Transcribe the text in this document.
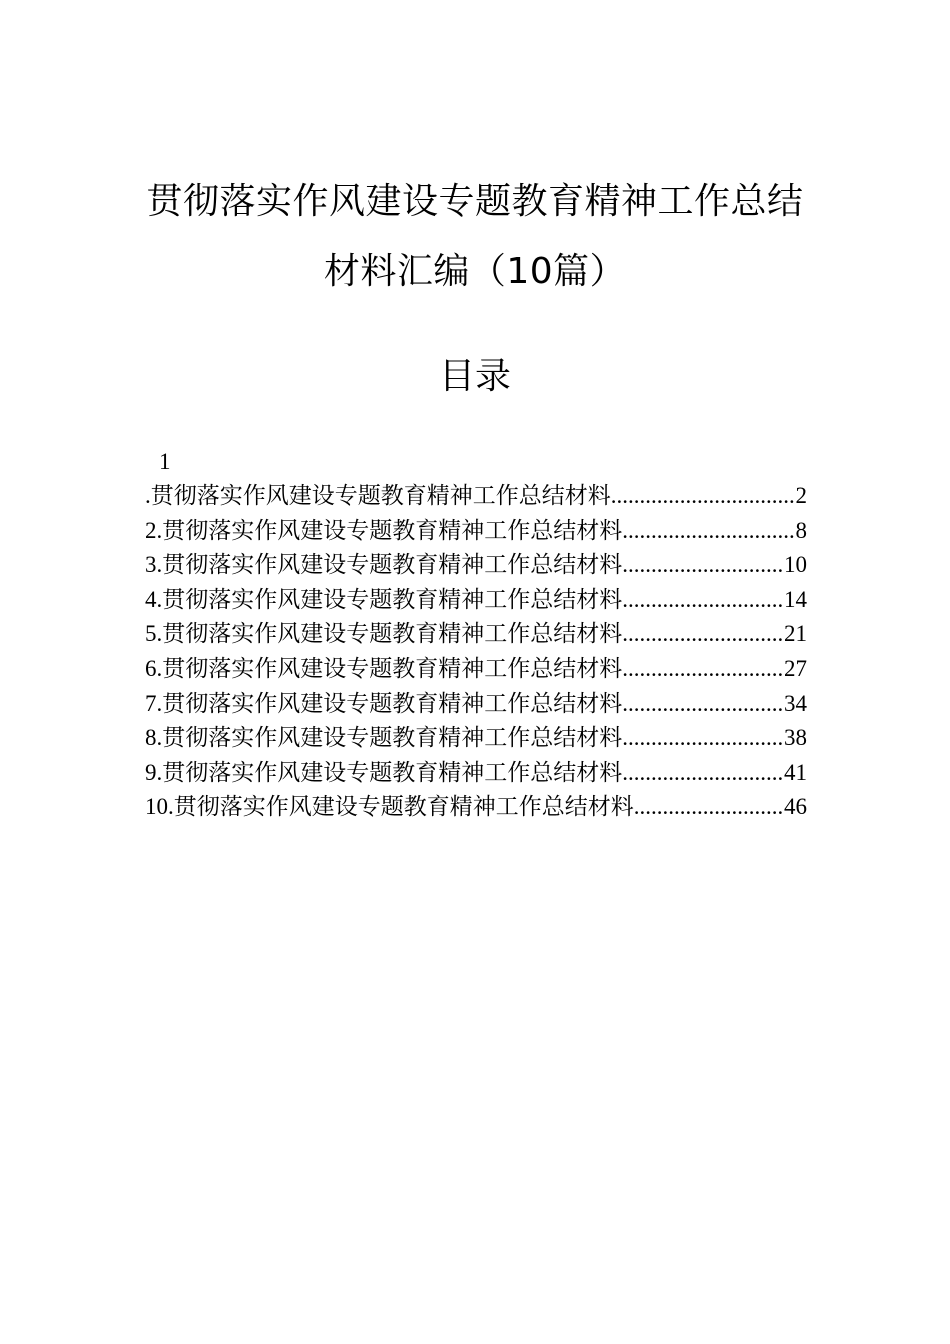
贯彻落实作风建设专题教育精神工作总结
材料汇编（10篇）
目录
1
.贯彻落实作风建设专题教育精神工作总结材料 .....	2
2.贯彻落实作风建设专题教育精神工作总结材料 .....	8
3.贯彻落实作风建设专题教育精神工作总结材料 .....	10
4.贯彻落实作风建设专题教育精神工作总结材料 .....	14
5.贯彻落实作风建设专题教育精神工作总结材料 .....	21
6.贯彻落实作风建设专题教育精神工作总结材料 .....	27
7.贯彻落实作风建设专题教育精神工作总结材料 .....	34
8.贯彻落实作风建设专题教育精神工作总结材料 .....	38
9.贯彻落实作风建设专题教育精神工作总结材料 .....	41
10.贯彻落实作风建设专题教育精神工作总结材料 .....	46
